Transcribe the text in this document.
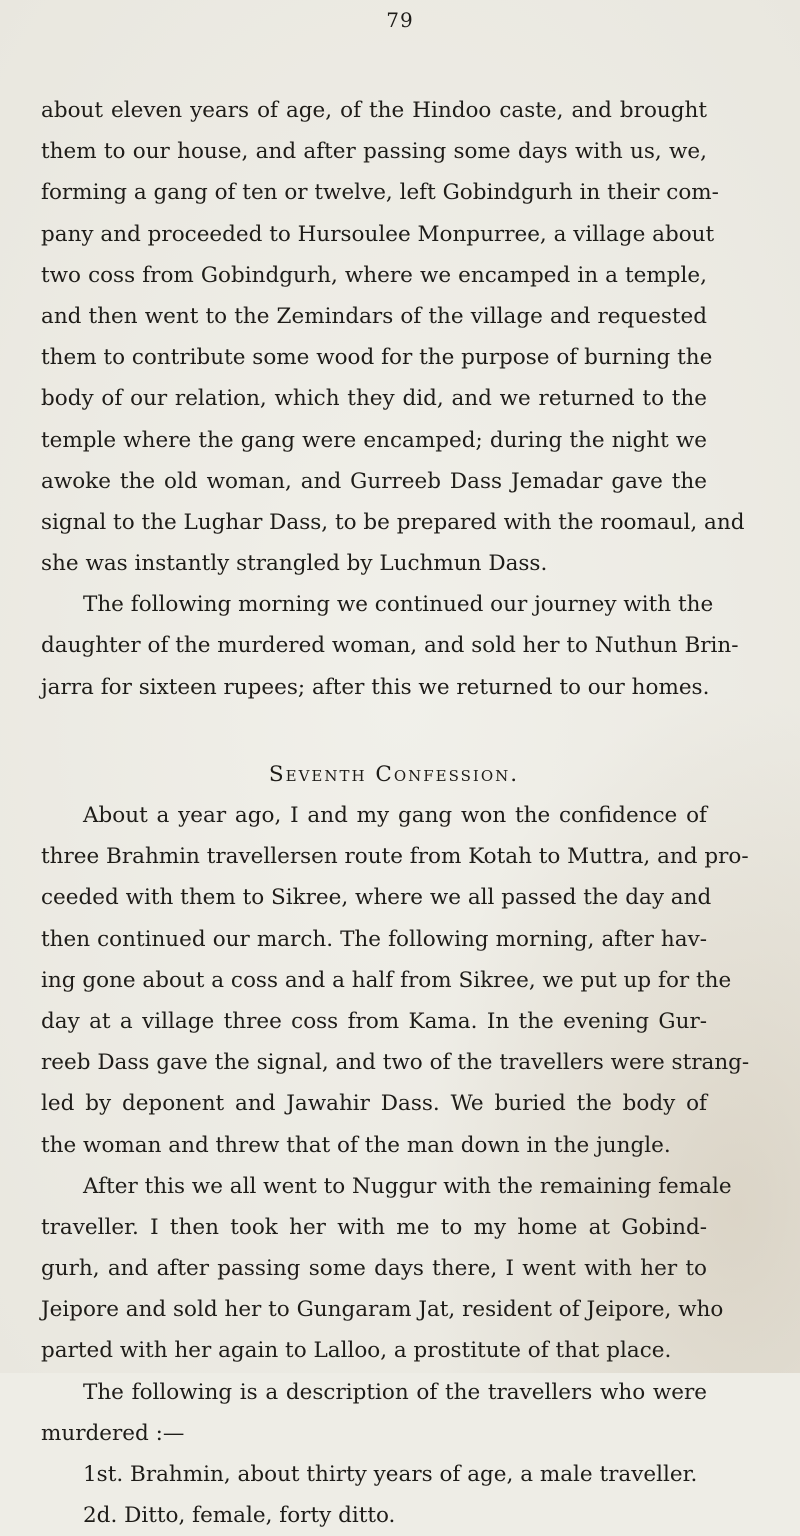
79
about eleven years of age, of the Hindoo caste, and brought
them to our house, and after passing some days with us, we,
forming a gang of ten or twelve, left Gobindgurh in their com-
pany and proceeded to Hursoulee Monpurree, a village about
two coss from Gobindgurh, where we encamped in a temple,
and then went to the Zemindars of the village and requested
them to contribute some wood for the purpose of burning the
body of our relation, which they did, and we returned to the
temple where the gang were encamped; during the night we
awoke the old woman, and Gurreeb Dass Jemadar gave the
signal to the Lughar Dass, to be prepared with the roomaul, and
she was instantly strangled by Luchmun Dass.
The following morning we continued our journey with the
daughter of the murdered woman, and sold her to Nuthun Brin-
jarra for sixteen rupees; after this we returned to our homes.
Seventh Confession.
About a year ago, I and my gang won the confidence of
three Brahmin travellersen route from Kotah to Muttra, and pro-
ceeded with them to Sikree, where we all passed the day and
then continued our march. The following morning, after hav-
ing gone about a coss and a half from Sikree, we put up for the
day at a village three coss from Kama. In the evening Gur-
reeb Dass gave the signal, and two of the travellers were strang-
led by deponent and Jawahir Dass. We buried the body of
the woman and threw that of the man down in the jungle.
After this we all went to Nuggur with the remaining female
traveller. I then took her with me to my home at Gobind-
gurh, and after passing some days there, I went with her to
Jeipore and sold her to Gungaram Jat, resident of Jeipore, who
parted with her again to Lalloo, a prostitute of that place.
The following is a description of the travellers who were
murdered :—
1st. Brahmin, about thirty years of age, a male traveller.
2d. Ditto, female, forty ditto.
